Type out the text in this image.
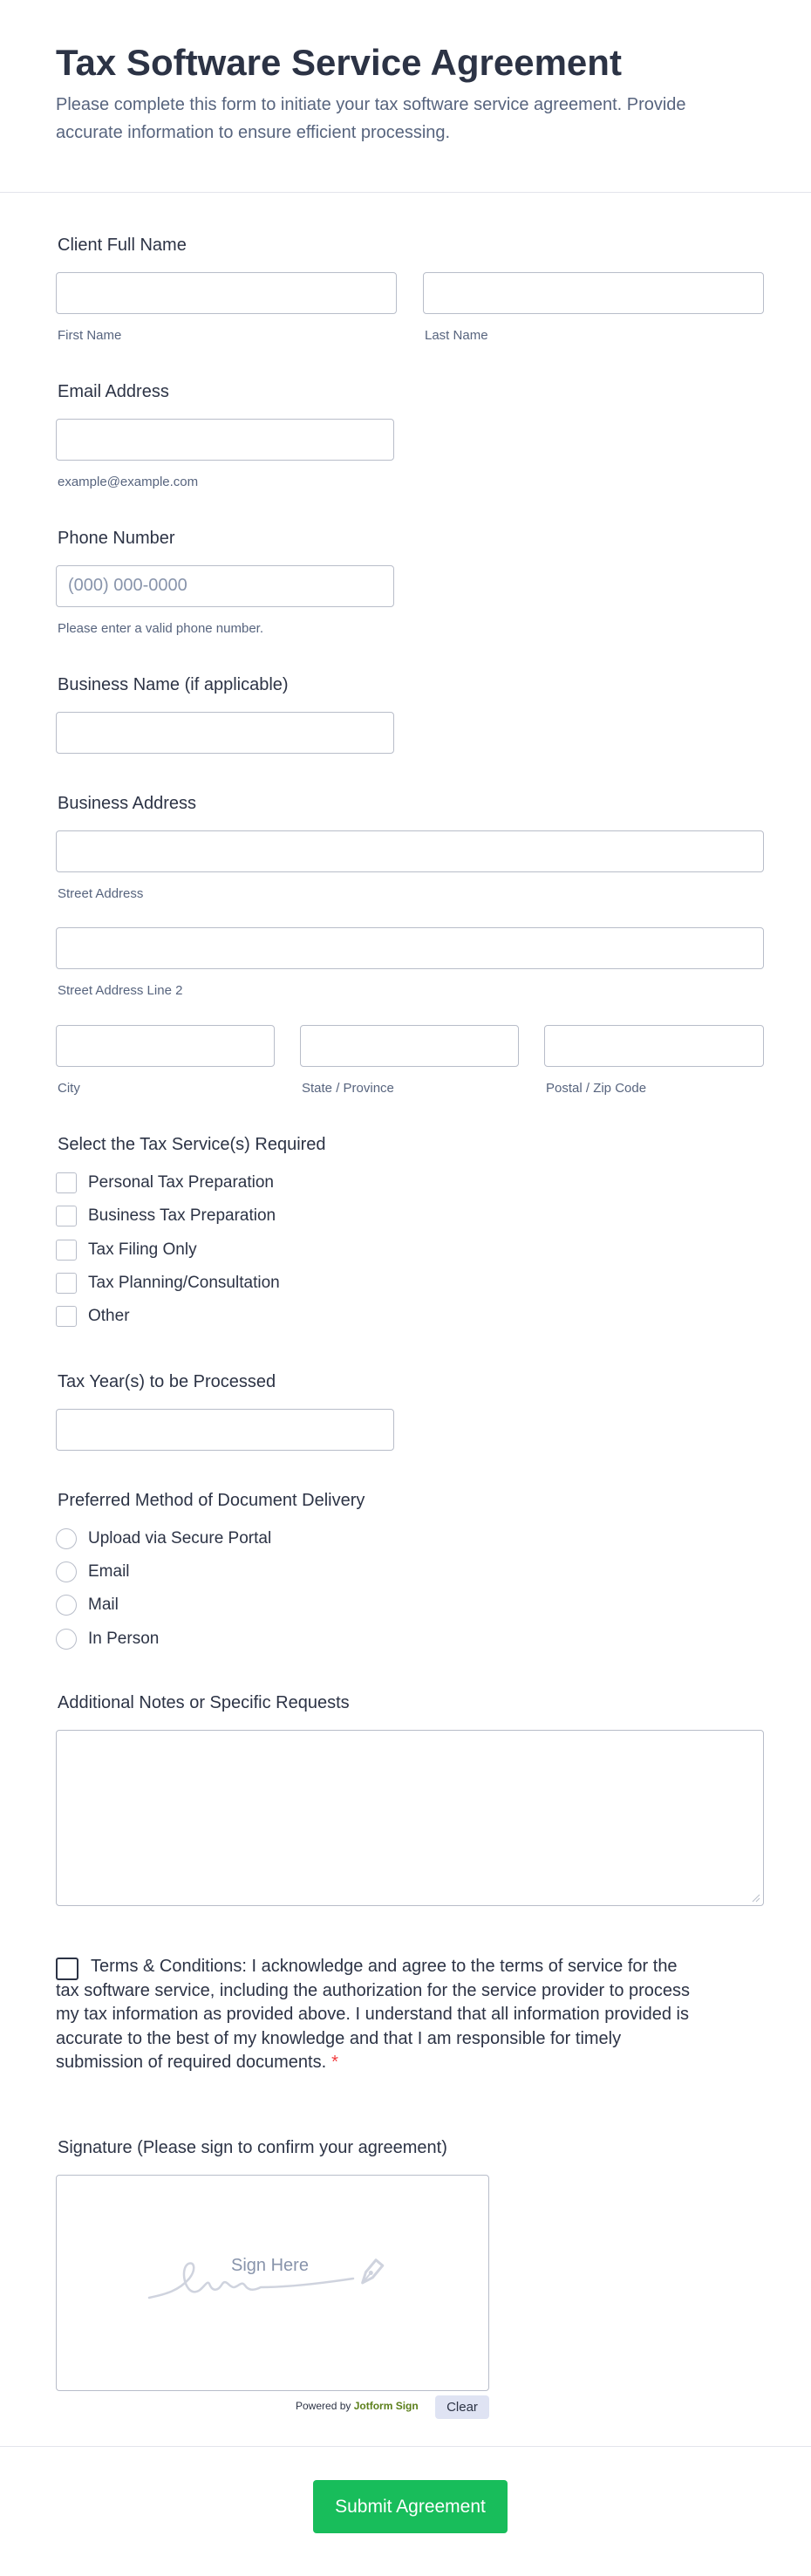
Tax Software Service Agreement
Please complete this form to initiate your tax software service agreement. Provide accurate information to ensure efficient processing.
Client Full Name
First Name	Last Name
Email Address
example@example.com
Phone Number
(000) 000-0000
Please enter a valid phone number.
Business Name (if applicable)
Business Address
Street Address
Street Address Line 2
City	State / Province	Postal / Zip Code
Select the Tax Service(s) Required
Personal Tax Preparation
Business Tax Preparation
Tax Filing Only
Tax Planning/Consultation
Other
Tax Year(s) to be Processed
Preferred Method of Document Delivery
Upload via Secure Portal
Email
Mail
In Person
Additional Notes or Specific Requests
Terms & Conditions: I acknowledge and agree to the terms of service for the tax software service, including the authorization for the service provider to process my tax information as provided above. I understand that all information provided is accurate to the best of my knowledge and that I am responsible for timely submission of required documents. *
Signature (Please sign to confirm your agreement)
Sign Here
Powered by Jotform Sign	Clear
Submit Agreement
